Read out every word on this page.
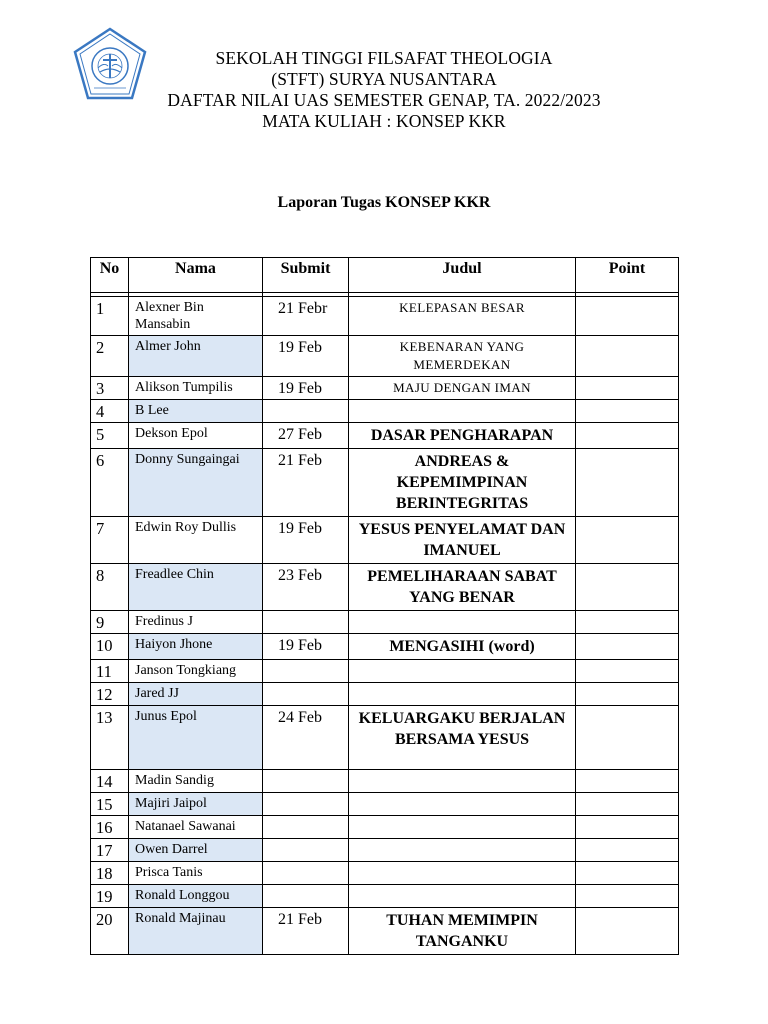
SEKOLAH TINGGI FILSAFAT THEOLOGIA
(STFT) SURYA NUSANTARA
DAFTAR NILAI UAS SEMESTER GENAP, TA. 2022/2023
MATA KULIAH : KONSEP KKR
Laporan Tugas KONSEP KKR
No	Nama	Submit	Judul	Point

1	Alexner Bin Mansabin	21 Febr	KELEPASAN BESAR	
2	Almer John	19 Feb	KEBENARAN YANG MEMERDEKAN	
3	Alikson Tumpilis	19 Feb	MAJU DENGAN IMAN	
4	B Lee			
5	Dekson Epol	27 Feb	DASAR PENGHARAPAN	
6	Donny Sungaingai	21 Feb	ANDREAS & KEPEMIMPINAN BERINTEGRITAS	
7	Edwin Roy Dullis	19 Feb	YESUS PENYELAMAT DAN IMANUEL	
8	Freadlee Chin	23 Feb	PEMELIHARAAN SABAT YANG BENAR	
9	Fredinus J			
10	Haiyon Jhone	19 Feb	MENGASIHI (word)	
11	Janson Tongkiang			
12	Jared JJ			
13	Junus Epol	24 Feb	KELUARGAKU BERJALAN BERSAMA YESUS	
14	Madin Sandig			
15	Majiri Jaipol			
16	Natanael Sawanai			
17	Owen Darrel			
18	Prisca Tanis			
19	Ronald Longgou			
20	Ronald Majinau	21 Feb	TUHAN MEMIMPIN TANGANKU	
